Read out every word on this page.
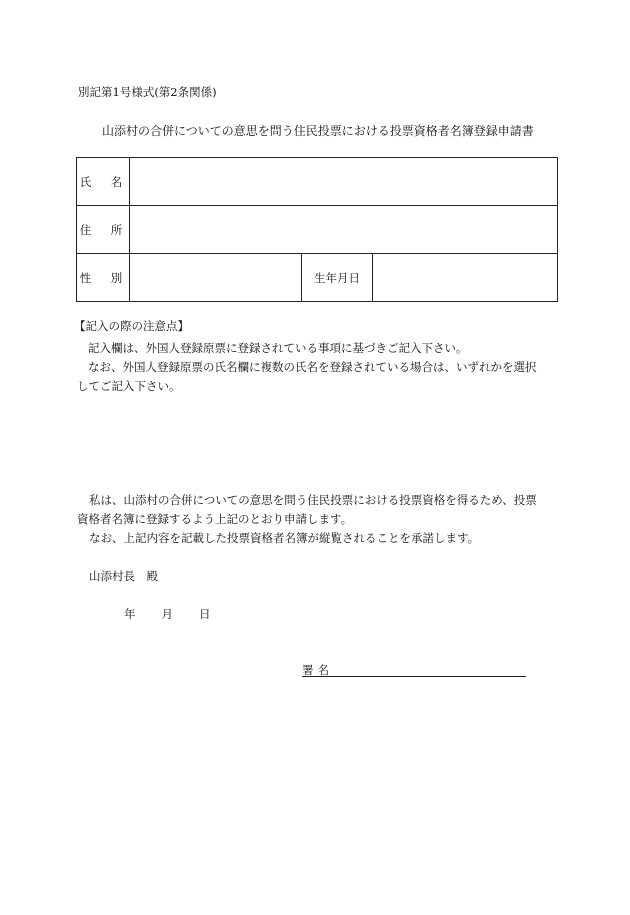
別記第1号様式(第2条関係)
山添村の合併についての意思を問う住民投票における投票資格者名簿登録申請書
氏　名			
住　所			
性　別		生年月日	
【記入の際の注意点】
記入欄は、外国人登録原票に登録されている事項に基づきご記入下さい。
なお、外国人登録原票の氏名欄に複数の氏名を登録されている場合は、いずれかを選択
してご記入下さい。
私は、山添村の合併についての意思を問う住民投票における投票資格を得るため、投票
資格者名簿に登録するよう上記のとおり申請します。
なお、上記内容を記載した投票資格者名簿が縦覧されることを承諾します。
山添村長　殿
年 月 日
署名
